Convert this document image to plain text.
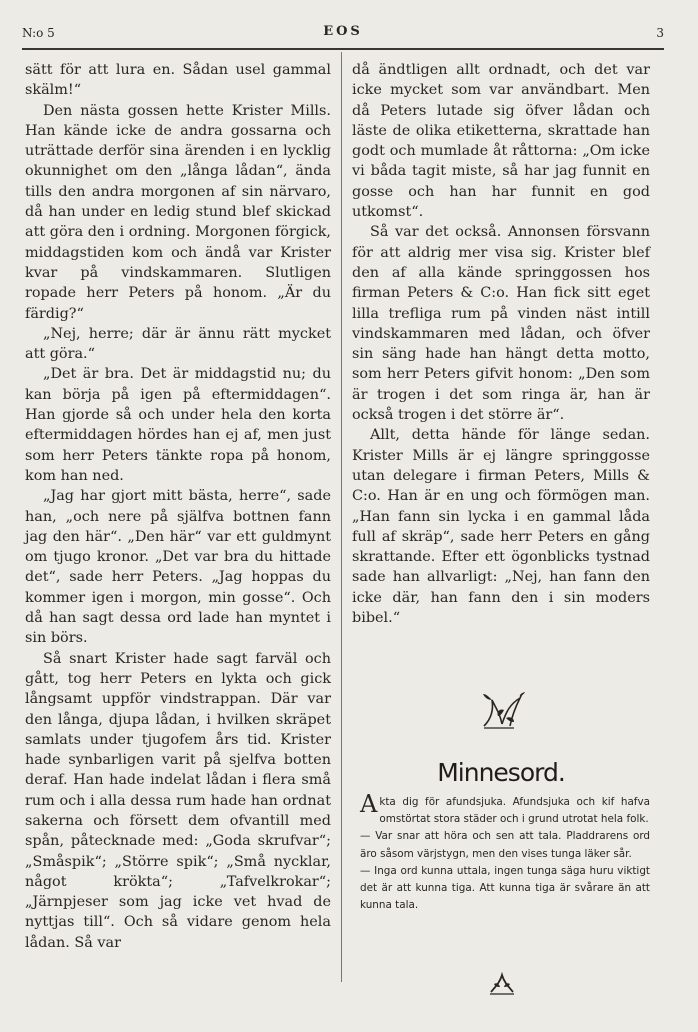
N:o 5	EOS	3

sätt för att lura en. Sådan usel gammal skälm!“

Den nästa gossen hette Krister Mills. Han kände icke de andra gossarna och uträttade derför sina ärenden i en lycklig okunnighet om den „långa lådan“, ända tills den andra morgonen af sin närvaro, då han under en ledig stund blef skickad att göra den i ordning. Morgonen förgick, middagstiden kom och ändå var Krister kvar på vindskammaren. Slutligen ropade herr Peters på honom. „Är du färdig?“

„Nej, herre; där är ännu rätt mycket att göra.“

„Det är bra. Det är middagstid nu; du kan börja på igen på eftermiddagen“. Han gjorde så och under hela den korta eftermiddagen hördes han ej af, men just som herr Peters tänkte ropa på honom, kom han ned.

„Jag har gjort mitt bästa, herre“, sade han, „och nere på själfva bottnen fann jag den här“. „Den här“ var ett guldmynt om tjugo kronor. „Det var bra du hittade det“, sade herr Peters. „Jag hoppas du kommer igen i morgon, min gosse“. Och då han sagt dessa ord lade han myntet i sin börs.

Så snart Krister hade sagt farväl och gått, tog herr Peters en lykta och gick långsamt uppför vindstrappan. Där var den långa, djupa lådan, i hvilken skräpet samlats under tjugofem års tid. Krister hade synbarligen varit på sjelfva botten deraf. Han hade indelat lådan i flera små rum och i alla dessa rum hade han ordnat sakerna och försett dem ofvantill med spån, påtecknade med: „Goda skrufvar“; „Småspik“; „Större spik“; „Små nycklar, något krökta“; „Tafvelkrokar“; „Järnpjeser som jag icke vet hvad de nyttjas till“. Och så vidare genom hela lådan. Så var

då ändtligen allt ordnadt, och det var icke mycket som var användbart. Men då Peters lutade sig öfver lådan och läste de olika etiketterna, skrattade han godt och mumlade åt råttorna: „Om icke vi båda tagit miste, så har jag funnit en gosse och han har funnit en god utkomst“.

Så var det också. Annonsen försvann för att aldrig mer visa sig. Krister blef den af alla kände springgossen hos firman Peters & C:o. Han fick sitt eget lilla trefliga rum på vinden näst intill vindskammaren med lådan, och öfver sin säng hade han hängt detta motto, som herr Peters gifvit honom: „Den som är trogen i det som ringa är, han är också trogen i det större är“.

Allt, detta hände för länge sedan. Krister Mills är ej längre springgosse utan delegare i firman Peters, Mills & C:o. Han är en ung och förmögen man. „Han fann sin lycka i en gammal låda full af skräp“, sade herr Peters en gång skrattande. Efter ett ögonblicks tystnad sade han allvarligt: „Nej, han fann den icke där, han fann den i sin moders bibel.“

Minnesord.

Akta dig för afundsjuka. Afundsjuka och kif hafva omstörtat stora städer och i grund utrotat hela folk.

— Var snar att höra och sen att tala. Pladdrarens ord äro såsom värjstygn, men den vises tunga läker sår.

— Inga ord kunna uttala, ingen tunga säga huru viktigt det är att kunna tiga. Att kunna tiga är svårare än att kunna tala.
